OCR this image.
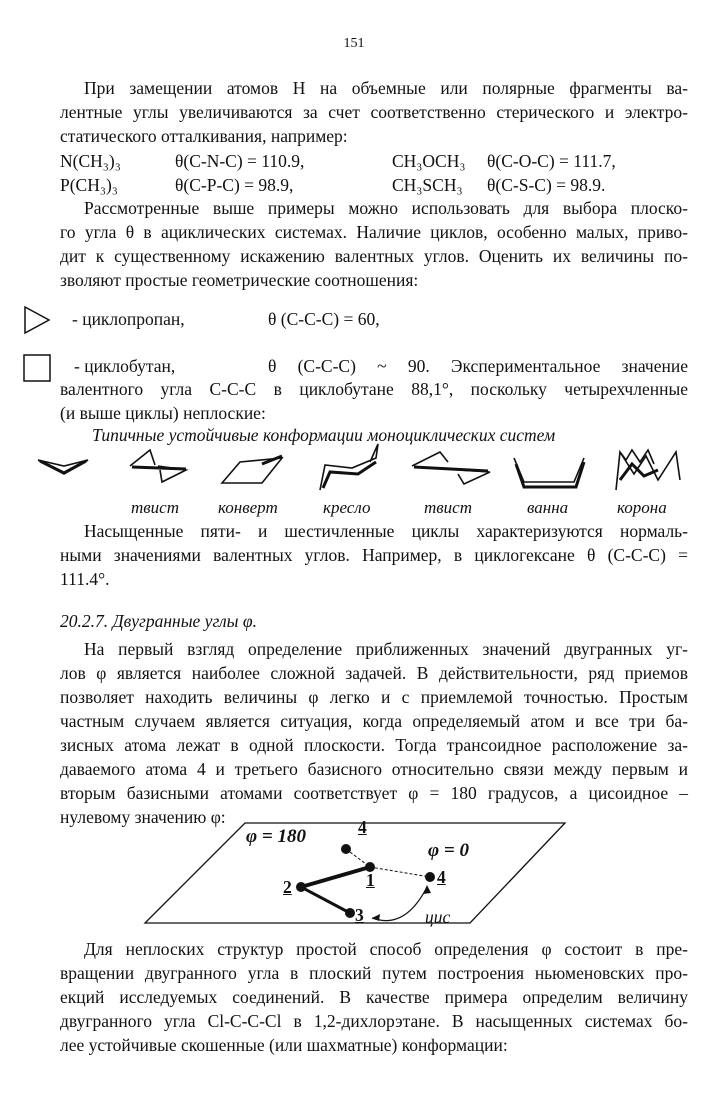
151
При замещении атомов H на объемные или полярные фрагменты ва-
лентные углы увеличиваются за счет соответственно стерического и электро-
статического отталкивания, например:
Рассмотренные выше примеры можно использовать для выбора плоско-
го угла θ в ациклических системах. Наличие циклов, особенно малых, приво-
дит к существенному искажению валентных углов. Оценить их величины по-
зволяют простые геометрические соотношения:
валентного угла C-C-C в циклобутане 88,1°, поскольку четырехчленные
(и выше циклы) неплоские:
Насыщенные пяти- и шестичленные циклы характеризуются нормаль-
ными значениями валентных углов. Например, в циклогексане θ (C-C-C) =
111.4°.
На первый взгляд определение приближенных значений двугранных уг-
лов φ является наиболее сложной задачей. В действительности, ряд приемов
позволяет находить величины φ легко и с приемлемой точностью. Простым
частным случаем является ситуация, когда определяемый атом и все три ба-
зисных атома лежат в одной плоскости. Тогда трансоидное расположение за-
даваемого атома 4 и третьего базисного относительно связи между первым и
вторым базисными атомами соответствует φ = 180 градусов, а цисоидное –
нулевому значению φ:
Для неплоских структур простой способ определения φ состоит в пре-
вращении двугранного угла в плоский путем построения ньюменовских про-
екций исследуемых соединений. В качестве примера определим величину
двугранного угла Cl-C-C-Cl в 1,2-дихлорэтане. В насыщенных системах бо-
лее устойчивые скошенные (или шахматные) конформации:
N(CH₃)₃	θ(C-N-C) = 110.9,	CH₃OCH₃ θ(C-O-C) = 111.7,
P(CH₃)₃	θ(C-P-C) = 98.9,	CH₃SCH₃ θ(C-S-C) = 98.9.
- циклопропан,	θ (C-C-C) = 60,
- циклобутан,	θ (C-C-C) ~ 90. Экспериментальное значение
Типичные устойчивые конформации моноциклических систем
твист конверт	кресло	твист	ванна	корона
20.2.7. Двугранные углы φ.
φ = 180
φ = 0
4
1	4
2
3	цис
